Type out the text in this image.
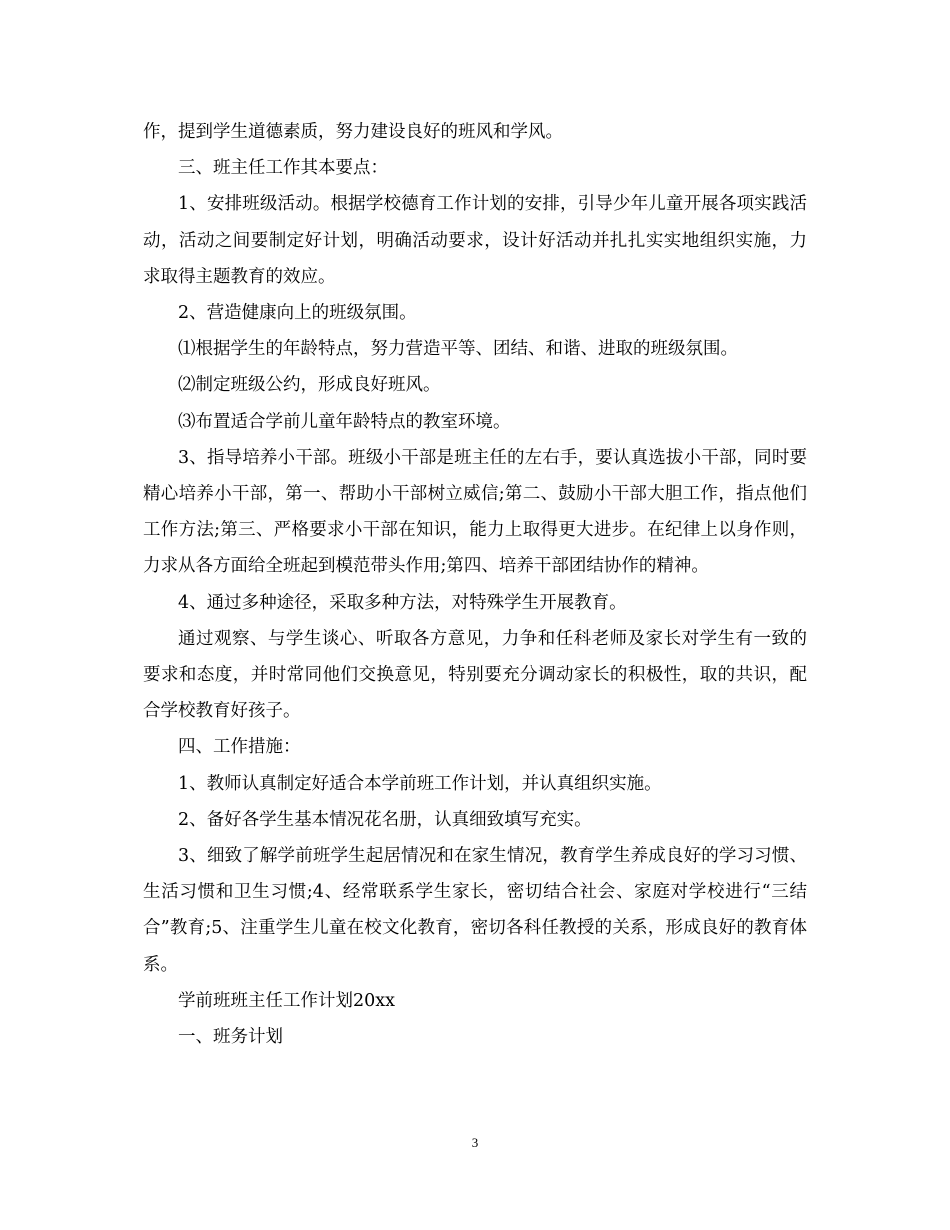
作，提到学生道德素质，努力建设良好的班风和学风。

三、班主任工作其本要点：

1、安排班级活动。根据学校德育工作计划的安排，引导少年儿童开展各项实践活动，活动之间要制定好计划，明确活动要求，设计好活动并扎扎实实地组织实施，力求取得主题教育的效应。

2、营造健康向上的班级氛围。

⑴根据学生的年龄特点，努力营造平等、团结、和谐、进取的班级氛围。

⑵制定班级公约，形成良好班风。

⑶布置适合学前儿童年龄特点的教室环境。

3、指导培养小干部。班级小干部是班主任的左右手，要认真选拔小干部，同时要精心培养小干部，第一、帮助小干部树立威信;第二、鼓励小干部大胆工作，指点他们工作方法;第三、严格要求小干部在知识，能力上取得更大进步。在纪律上以身作则，力求从各方面给全班起到模范带头作用;第四、培养干部团结协作的精神。

4、通过多种途径，采取多种方法，对特殊学生开展教育。

通过观察、与学生谈心、听取各方意见，力争和任科老师及家长对学生有一致的要求和态度，并时常同他们交换意见，特别要充分调动家长的积极性，取的共识，配合学校教育好孩子。

四、工作措施：

1、教师认真制定好适合本学前班工作计划，并认真组织实施。

2、备好各学生基本情况花名册，认真细致填写充实。

3、细致了解学前班学生起居情况和在家生情况，教育学生养成良好的学习习惯、生活习惯和卫生习惯;4、经常联系学生家长，密切结合社会、家庭对学校进行“三结合”教育;5、注重学生儿童在校文化教育，密切各科任教授的关系，形成良好的教育体系。

学前班班主任工作计划20xx

一、班务计划

3
